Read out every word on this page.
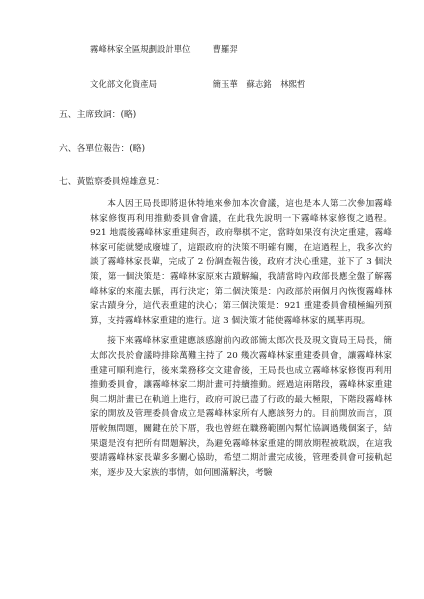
霧峰林家全區規劃設計單位	曹羅羿
文化部文化資產局	簡玉華 蘇志銘 林熙哲
五、主席致詞：(略)
六、各單位報告：(略)
七、黃監察委員煌雄意見：

本人因王局長即將退休特地來參加本次會議，這也是本人第二次參加霧峰林家修復再利用推動委員會會議，在此我先說明一下霧峰林家修復之過程。921 地震後霧峰林家重建與否，政府舉棋不定，當時如果沒有決定重建，霧峰林家可能就變成廢墟了，這跟政府的決策不明確有關，在這過程上，我多次約談了霧峰林家長輩，完成了 2 份調查報告後，政府才決心重建，並下了 3 個決策，第一個決策是：霧峰林家原來古蹟解編，我請當時內政部長應全盤了解霧峰林家的來龍去脈，再行決定；第二個決策是：內政部於兩個月內恢復霧峰林家古蹟身分，這代表重建的決心；第三個決策是：921 重建委員會積極編列預算，支持霧峰林家重建的進行。這 3 個決策才能使霧峰林家的風華再現。

接下來霧峰林家重建應該感謝前內政部簡太郎次長及現文資局王局長，簡太郎次長於會議時排除萬難主持了 20 幾次霧峰林家重建委員會，讓霧峰林家重建可順利進行，後來業務移交文建會後，王局長也成立霧峰林家修復再利用推動委員會，讓霧峰林家二期計畫可持續推動。經過這兩階段，霧峰林家重建與二期計畫已在軌道上進行，政府可說已盡了行政的最大極限，下階段霧峰林家的開放及管理委員會成立是霧峰林家所有人應該努力的。目前開放而言，頂厝較無問題，關鍵在於下厝，我也曾經在職務範圍內幫忙協調過幾個案子，結果還是沒有把所有問題解決，為避免霧峰林家重建的開放期程被耽誤，在這我要請霧峰林家長輩多多關心協助，希望二期計畫完成後，管理委員會可接軌起來，逐步及大家族的事情，如何圓滿解決，考驗
